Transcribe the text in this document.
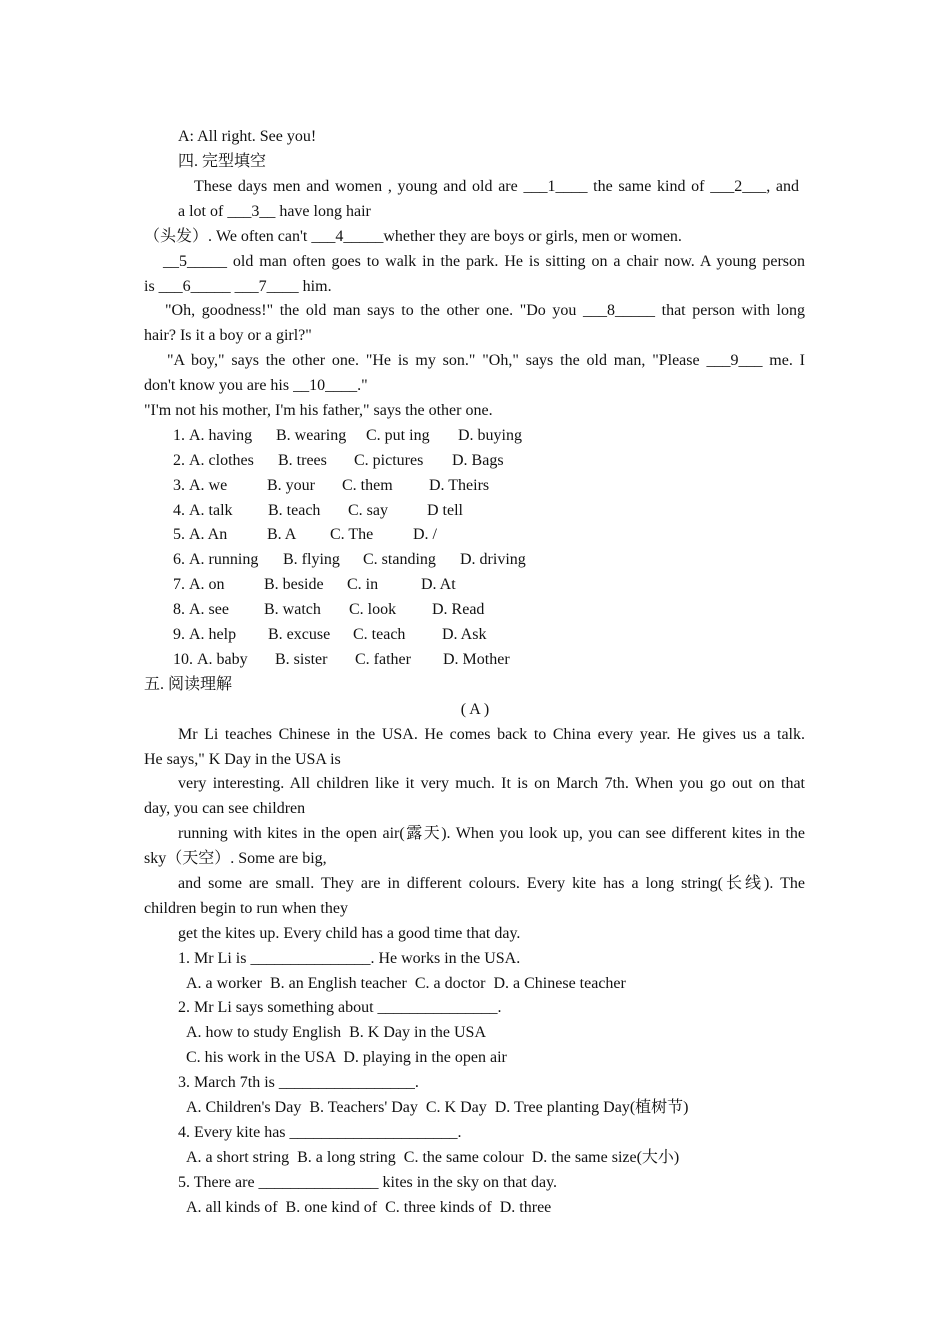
A: All right. See you!
四. 完型填空
These days men and women , young and old are ___1____ the same kind of ___2___, and
a lot of ___3__ have long hair
（头发）. We often can't ___4_____whether they are boys or girls, men or women.
__5_____ old man often goes to walk in the park. He is sitting on a chair now. A young person
is ___6_____ ___7____ him.
"Oh, goodness!" the old man says to the other one. "Do you ___8_____ that person with long
hair? Is it a boy or a girl?"
"A boy," says the other one. "He is my son." "Oh," says the old man, "Please ___9___ me. I
don't know you are his __10____."
"I'm not his mother, I'm his father," says the other one.
1. A. having B. wearing C. put ing D. buying
2. A. clothes B. trees C. pictures D. Bags
3. A. we B. your C. them D. Theirs
4. A. talk B. teach C. say D tell
5. A. An B. A C. The D. /
6. A. running B. flying C. standing D. driving
7. A. on B. beside C. in	D. At
8. A. see B. watch C. look D. Read
9. A. help B. excuse C. teach D. Ask
10. A. baby B. sister C. father D. Mother
五. 阅读理解
( A )
Mr Li teaches Chinese in the USA. He comes back to China every year. He gives us a talk.
He says," K Day in the USA is
very interesting. All children like it very much. It is on March 7th. When you go out on that
day, you can see children
running with kites in the open air(露天). When you look up, you can see different kites in the
sky（天空）. Some are big,
and some are small. They are in different colours. Every kite has a long string(长线). The
children begin to run when they
get the kites up. Every child has a good time that day.
1. Mr Li is _______________. He works in the USA.
A. a worker  B. an English teacher  C. a doctor  D. a Chinese teacher
2. Mr Li says something about _______________.
A. how to study English  B. K Day in the USA
C. his work in the USA  D. playing in the open air
3. March 7th is _________________.
A. Children's Day  B. Teachers' Day  C. K Day  D. Tree planting Day(植树节)
4. Every kite has _____________________.
A. a short string  B. a long string  C. the same colour  D. the same size(大小)
5. There are _______________ kites in the sky on that day.
A. all kinds of  B. one kind of  C. three kinds of  D. three
